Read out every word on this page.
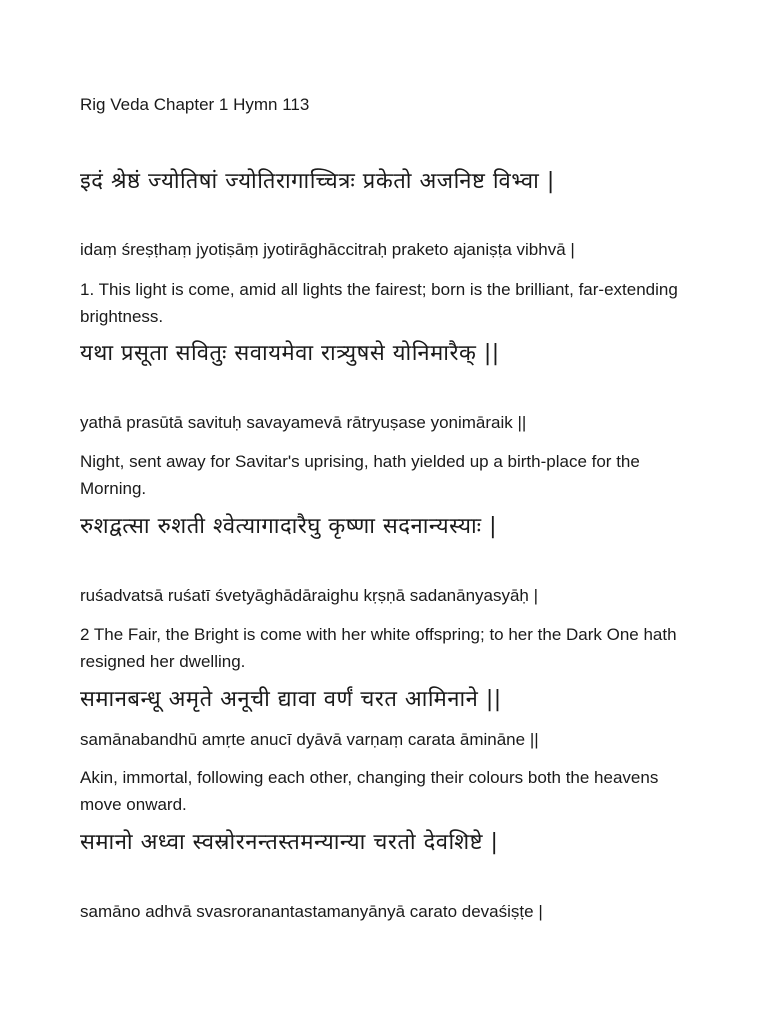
Rig Veda Chapter 1 Hymn 113
इदं श्रेष्ठं ज्योतिषां ज्योतिरागाच्चित्रः प्रकेतो अजनिष्ट विभ्वा |
idaṃ śreṣṭhaṃ jyotiṣāṃ jyotirāghāccitraḥ praketo ajaniṣṭa vibhvā |
1. This light is come, amid all lights the fairest; born is the brilliant, far-extending brightness.
यथा प्रसूता सवितुः सवायमेवा रात्र्युषसे योनिमारैक् ||
yathā prasūtā savituḥ savayamevā rātryuṣase yonimāraik ||
Night, sent away for Savitar's uprising, hath yielded up a birth-place for the Morning.
रुशद्वत्सा रुशती श्वेत्यागादारैघु कृष्णा सदनान्यस्याः |
ruśadvatsā ruśatī śvetyāghādāraighu kṛṣṇā sadanānyasyāḥ |
2 The Fair, the Bright is come with her white offspring; to her the Dark One hath resigned her dwelling.
समानबन्धू अमृते अनूची द्यावा वर्णं चरत आमिनाने ||
samānabandhū amṛte anucī dyāvā varṇaṃ carata āmināne ||
Akin, immortal, following each other, changing their colours both the heavens move onward.
समानो अध्वा स्वस्रोरनन्तस्तमन्यान्या चरतो देवशिष्टे |
samāno adhvā svasroranantastamanyānyā carato devaśiṣṭe |
